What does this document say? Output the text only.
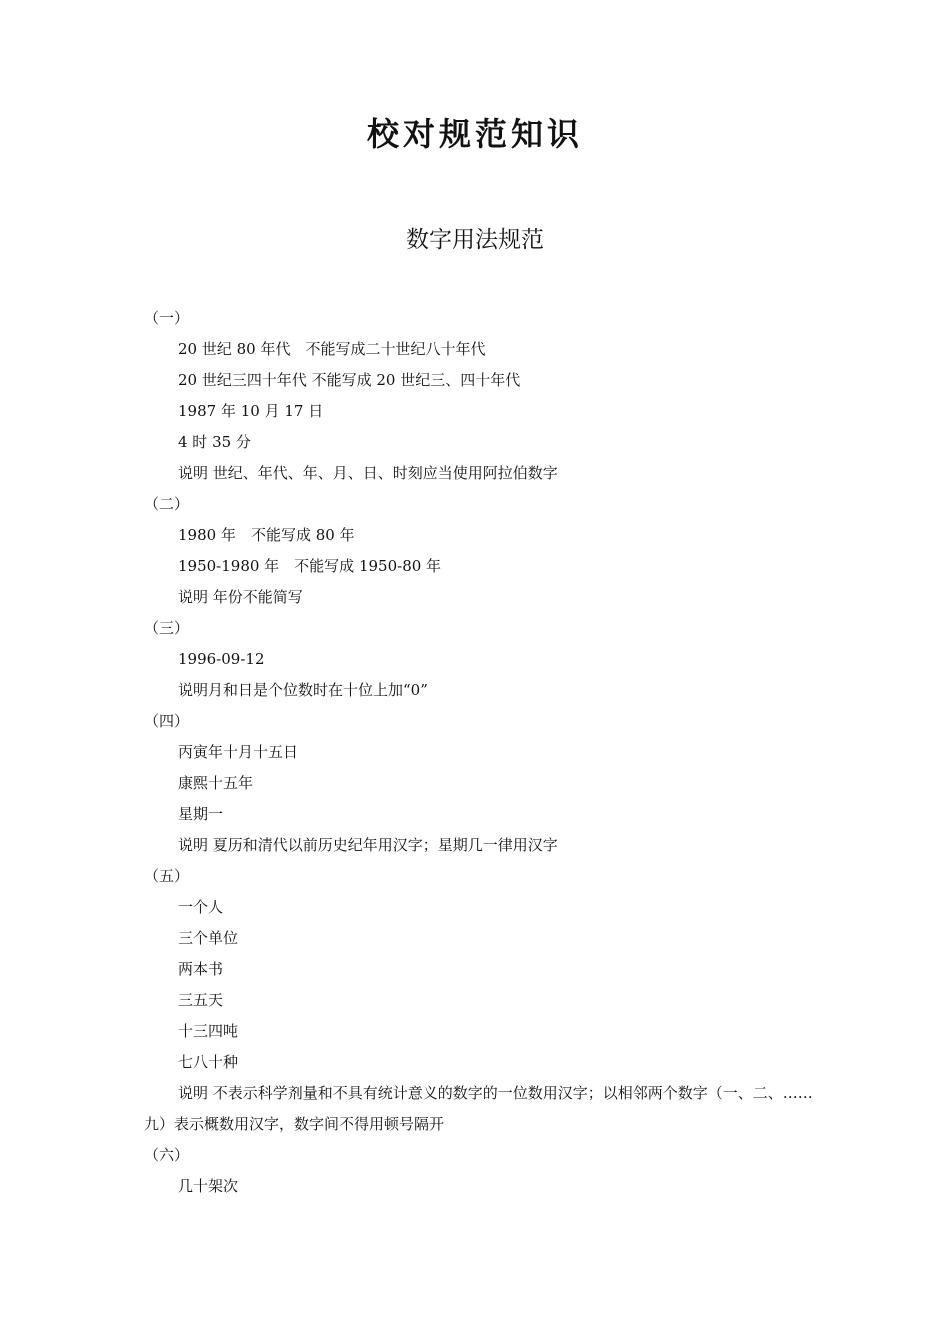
校对规范知识
数字用法规范
（一）
20 世纪 80 年代　不能写成二十世纪八十年代
20 世纪三四十年代 不能写成 20 世纪三、四十年代
1987 年 10 月 17 日
4 时 35 分
说明 世纪、年代、年、月、日、时刻应当使用阿拉伯数字
（二）
1980 年　不能写成 80 年
1950-1980 年　不能写成 1950-80 年
说明 年份不能简写
（三）
1996-09-12
说明月和日是个位数时在十位上加“0”
（四）
丙寅年十月十五日
康熙十五年
星期一
说明 夏历和清代以前历史纪年用汉字；星期几一律用汉字
（五）
一个人
三个单位
两本书
三五天
十三四吨
七八十种
说明 不表示科学剂量和不具有统计意义的数字的一位数用汉字；以相邻两个数字（一、二、……九）表示概数用汉字，数字间不得用顿号隔开
（六）
几十架次
